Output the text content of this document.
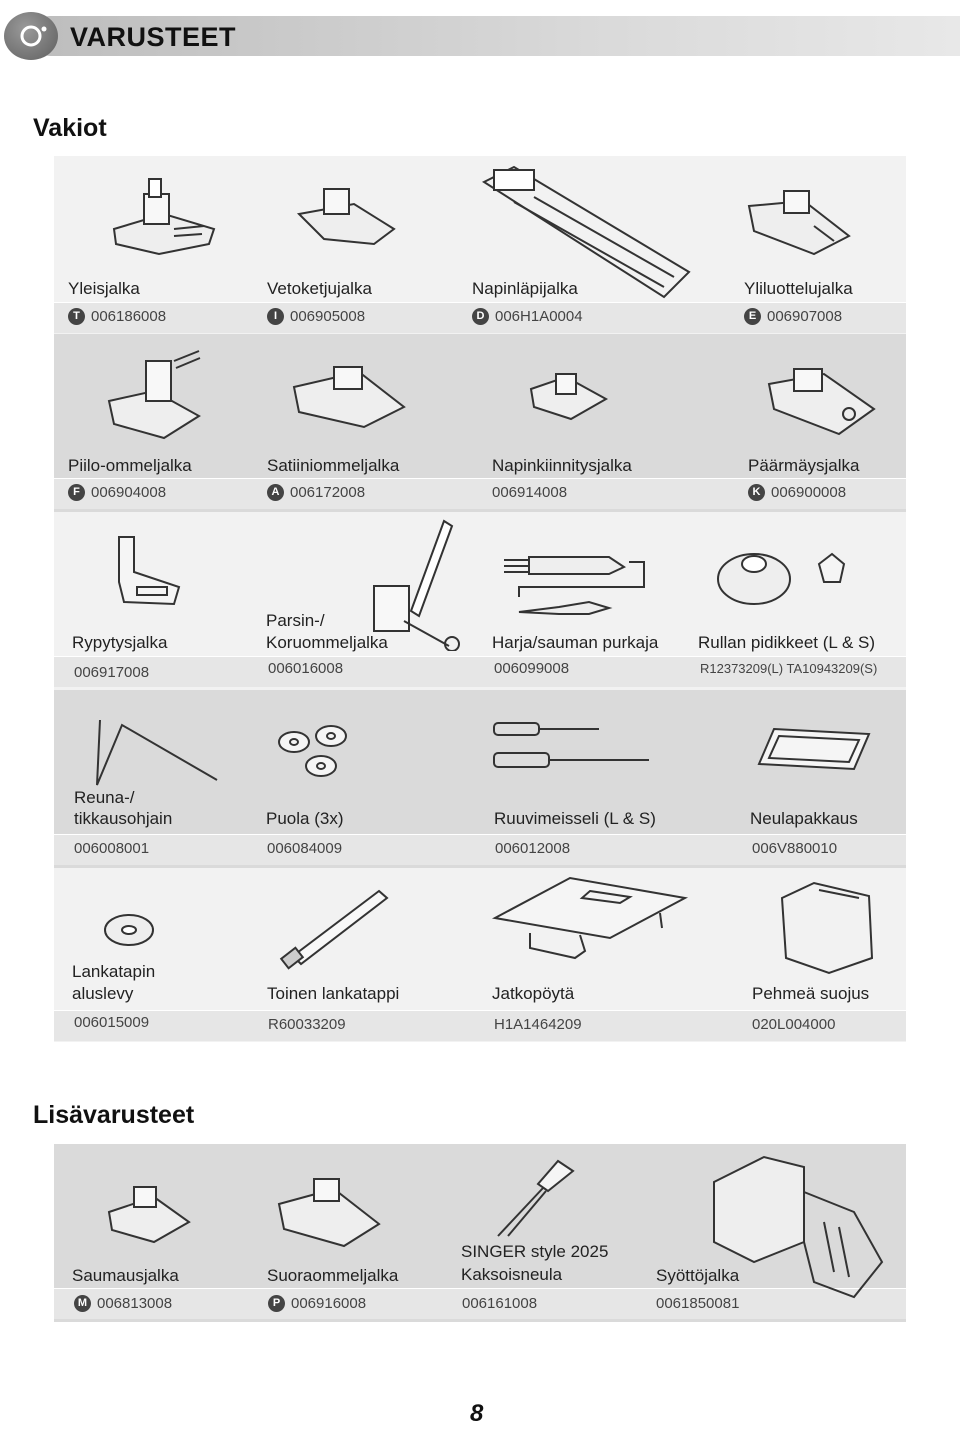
VARUSTEET
Vakiot
Yleisjalka
T 006186008
Vetoketjujalka
I 006905008
Napinläpijalka
D 006H1A0004
Yliluottelujalka
E 006907008
Piilo-ommeljalka
F 006904008
Satiiniommeljalka
A 006172008
Napinkiinnitysjalka
006914008
Päärmäysjalka
K 006900008
Rypytysjalka
006917008
Parsin-/
Koruommeljalka
006016008
Harja/sauman purkaja
006099008
Rullan pidikkeet (L & S)
R12373209(L) TA10943209(S)
Reuna-/
tikkausohjain
006008001
Puola (3x)
006084009
Ruuvimeisseli (L & S)
006012008
Neulapakkaus
006V880010
Lankatapin
aluslevy
006015009
Toinen lankatappi
R60033209
Jatkopöytä
H1A1464209
Pehmeä suojus
020L004000
Lisävarusteet
Saumausjalka
M 006813008
Suoraommeljalka
P 006916008
SINGER style 2025
Kaksoisneula
006161008
Syöttöjalka
0061850081
8
